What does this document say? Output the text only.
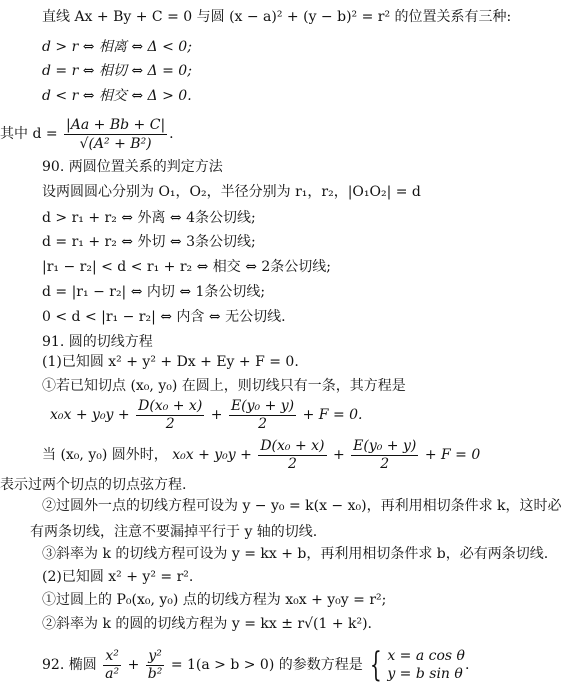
直线 Ax + By + C = 0 与圆 (x − a)² + (y − b)² = r² 的位置关系有三种:
d > r ⇔ 相离 ⇔ Δ < 0;
d = r ⇔ 相切 ⇔ Δ = 0;
d < r ⇔ 相交 ⇔ Δ > 0.
其中 $d = \frac{|Aa + Bb + C|}{\text{√(A² + B²)}}$ .
90. 两圆位置关系的判定方法
设两圆圆心分别为 O₁，O₂，半径分别为 r₁，r₂，|O₁O₂| = d
d > r₁ + r₂ ⇔ 外离 ⇔ 4条公切线;
d = r₁ + r₂ ⇔ 外切 ⇔ 3条公切线;
|r₁ − r₂| < d < r₁ + r₂ ⇔ 相交 ⇔ 2条公切线;
d = |r₁ − r₂| ⇔ 内切 ⇔ 1条公切线;
0 < d < |r₁ − r₂| ⇔ 内含 ⇔ 无公切线.
91. 圆的切线方程
(1)已知圆 x² + y² + Dx + Ey + F = 0.
①若已知切点 (x₀, y₀) 在圆上，则切线只有一条，其方程是
$x_0x + y_0y + \frac{\text{D(x₀ + x)}}{2} + \frac{\text{E(y₀ + y)}}{2} + F = 0$.
当 (x₀, y₀) 圆外时， $x_0x + y_0y + \frac{\text{D(x₀ + x)}}{2} + \frac{\text{E(y₀ + y)}}{2} + F = 0$
表示过两个切点的切点弦方程.
②过圆外一点的切线方程可设为 y − y₀ = k(x − x₀)，再利用相切条件求 k，这时必有两条切线，注意不要漏掉平行于 y 轴的切线.
③斜率为 k 的切线方程可设为 y = kx + b，再利用相切条件求 b，必有两条切线.
(2)已知圆 x² + y² = r².
①过圆上的 P₀(x₀, y₀) 点的切线方程为 x₀x + y₀y = r²;
②斜率为 k 的圆的切线方程为 y = kx ± r√(1 + k²).
92. 椭圆 $\frac{\text{x²}}{\text{a²}} + \frac{\text{y²}}{\text{b²}} = 1(a > b > 0)$ 的参数方程是 { x = a cos θ
y = b sin θ
.
